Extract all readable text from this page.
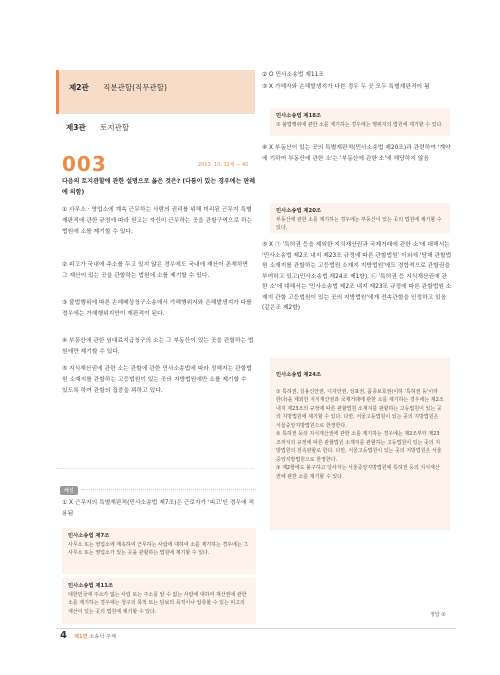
제2관 직분관할(직무관할)
제3관 토지관할
003	2013. 10. 12채 − 40
다음의 토지관할에 관한 설명으로 옳은 것은? (다툼이 있는 경우에는 판례에 의함)
① 사무소 · 영업소에 계속 근무하는 사람의 권리를 위해 미리된 근무지 특별재판적에 관한 규정에 따라 원고는 자신이 근무하는 곳을 관할구역으로 하는 법원에 소를 제기할 수 있다.
② 피고가 국내에 주소를 두고 있지 않은 경우에도 국내에 재산이 존재하면 그 재산이 있는 곳을 관할하는 법원에 소를 제기할 수 있다.
③ 불법행위에 따른 손해배상청구소송에서 가해행위지와 손해발생지가 다를 경우에는 가해행위지만이 재판적이 된다.
④ 부동산에 관한 임대료지급청구의 소는 그 부동산이 있는 곳을 관할하는 법원에만 제기할 수 있다.
⑤ 지식재산권에 관한 소는 관할에 관한 민사소송법에 따라 정해지는 관할법원 소재지를 관할하는 고등법원이 있는 곳의 지방법원에만 소를 제기할 수 있도록 하여 관할의 집중을 꾀하고 있다.
해설
① X 근무지의 특별재판적(민사소송법 제7조)은 근로자가 '피고'인 경우에 적용됨
민사소송법 제7조
사무소 또는 영업소에 계속하여 근무하는 사람에 대하여 소를 제기하는 경우에는 그 사무소 또는 영업소가 있는 곳을 관할하는 법원에 제기할 수 있다.
민사소송법 제11조
대한민국에 주소가 없는 사람 또는 주소를 알 수 없는 사람에 대하여 재산권에 관한 소를 제기하는 경우에는 청구의 목적 또는 담보의 목적이나 압류할 수 있는 피고의 재산이 있는 곳의 법원에 제기할 수 있다.
② O 민사소송법 제11조
③ X 가해자와 손해발생지가 다른 경우 두 곳 모두 특별재판적이 됨
민사소송법 제18조
① 불법행위에 관한 소를 제기하는 경우에는 행위지의 법원에 제기할 수 있다.
④ X 부동산이 있는 곳의 특별재판적(민사소송법 제20조)과 관련하여 '계약에 기하여 부동산에 관한 소'는 '부동산에 관한 소'에 해당하지 않음
민사소송법 제20조
부동산에 관한 소를 제기하는 경우에는 부동산이 있는 곳의 법원에 제기할 수 있다.
⑤ X ㉠ '특허권 등을 제외한 지식재산권과 국제거래에 관한 소'에 대해서는 '민사소송법 제2조 내지 제23조 규정에 따른 관할법원' 이외에 '당해 관할법원 소재지를 관할하는 고등법원 소재지 지방법원'에도 경합적으로 관할권을 부여하고 있고(민사소송법 제24조 제1항), ㉡ '특허권 등 지식재산권에 관한 소'에 대해서는 '민사소송법 제2조 내지 제23조 규정에 따른 관할법원 소재지 관할 고등법원이 있는 곳의 지방법원'에게 전속관할을 인정하고 있음(같은조 제2항)

민사소송법 제24조

① 특허권, 실용신안권, 디자인권, 상표권, 품종보호권(이하 '특허권 등'이라 한다)을 제외한 지식재산권과 국제거래에 관한 소를 제기하는 경우에는 제2조 내지 제23조의 규정에 따른 관할법원 소재지를 관할하는 고등법원이 있는 곳의 지방법원에 제기할 수 있다. 다만, 서울고등법원이 있는 곳의 지방법원은 서울중앙지방법원으로 한정한다.
② 특허권 등의 지식재산권에 관한 소를 제기하는 경우에는 제2조부터 제23조까지의 규정에 따른 관할법원 소재지를 관할하는 고등법원이 있는 곳의 지방법원의 전속관할로 한다. 다만, 서울고등법원이 있는 곳의 지방법원은 서울중앙지방법원으로 한정한다.
③ 제2항에도 불구하고 당사자는 서울중앙지방법원에 특허권 등의 지식재산권에 관한 소를 제기할 수 있다.

정답 ②
4 제1편 소송의 주체
